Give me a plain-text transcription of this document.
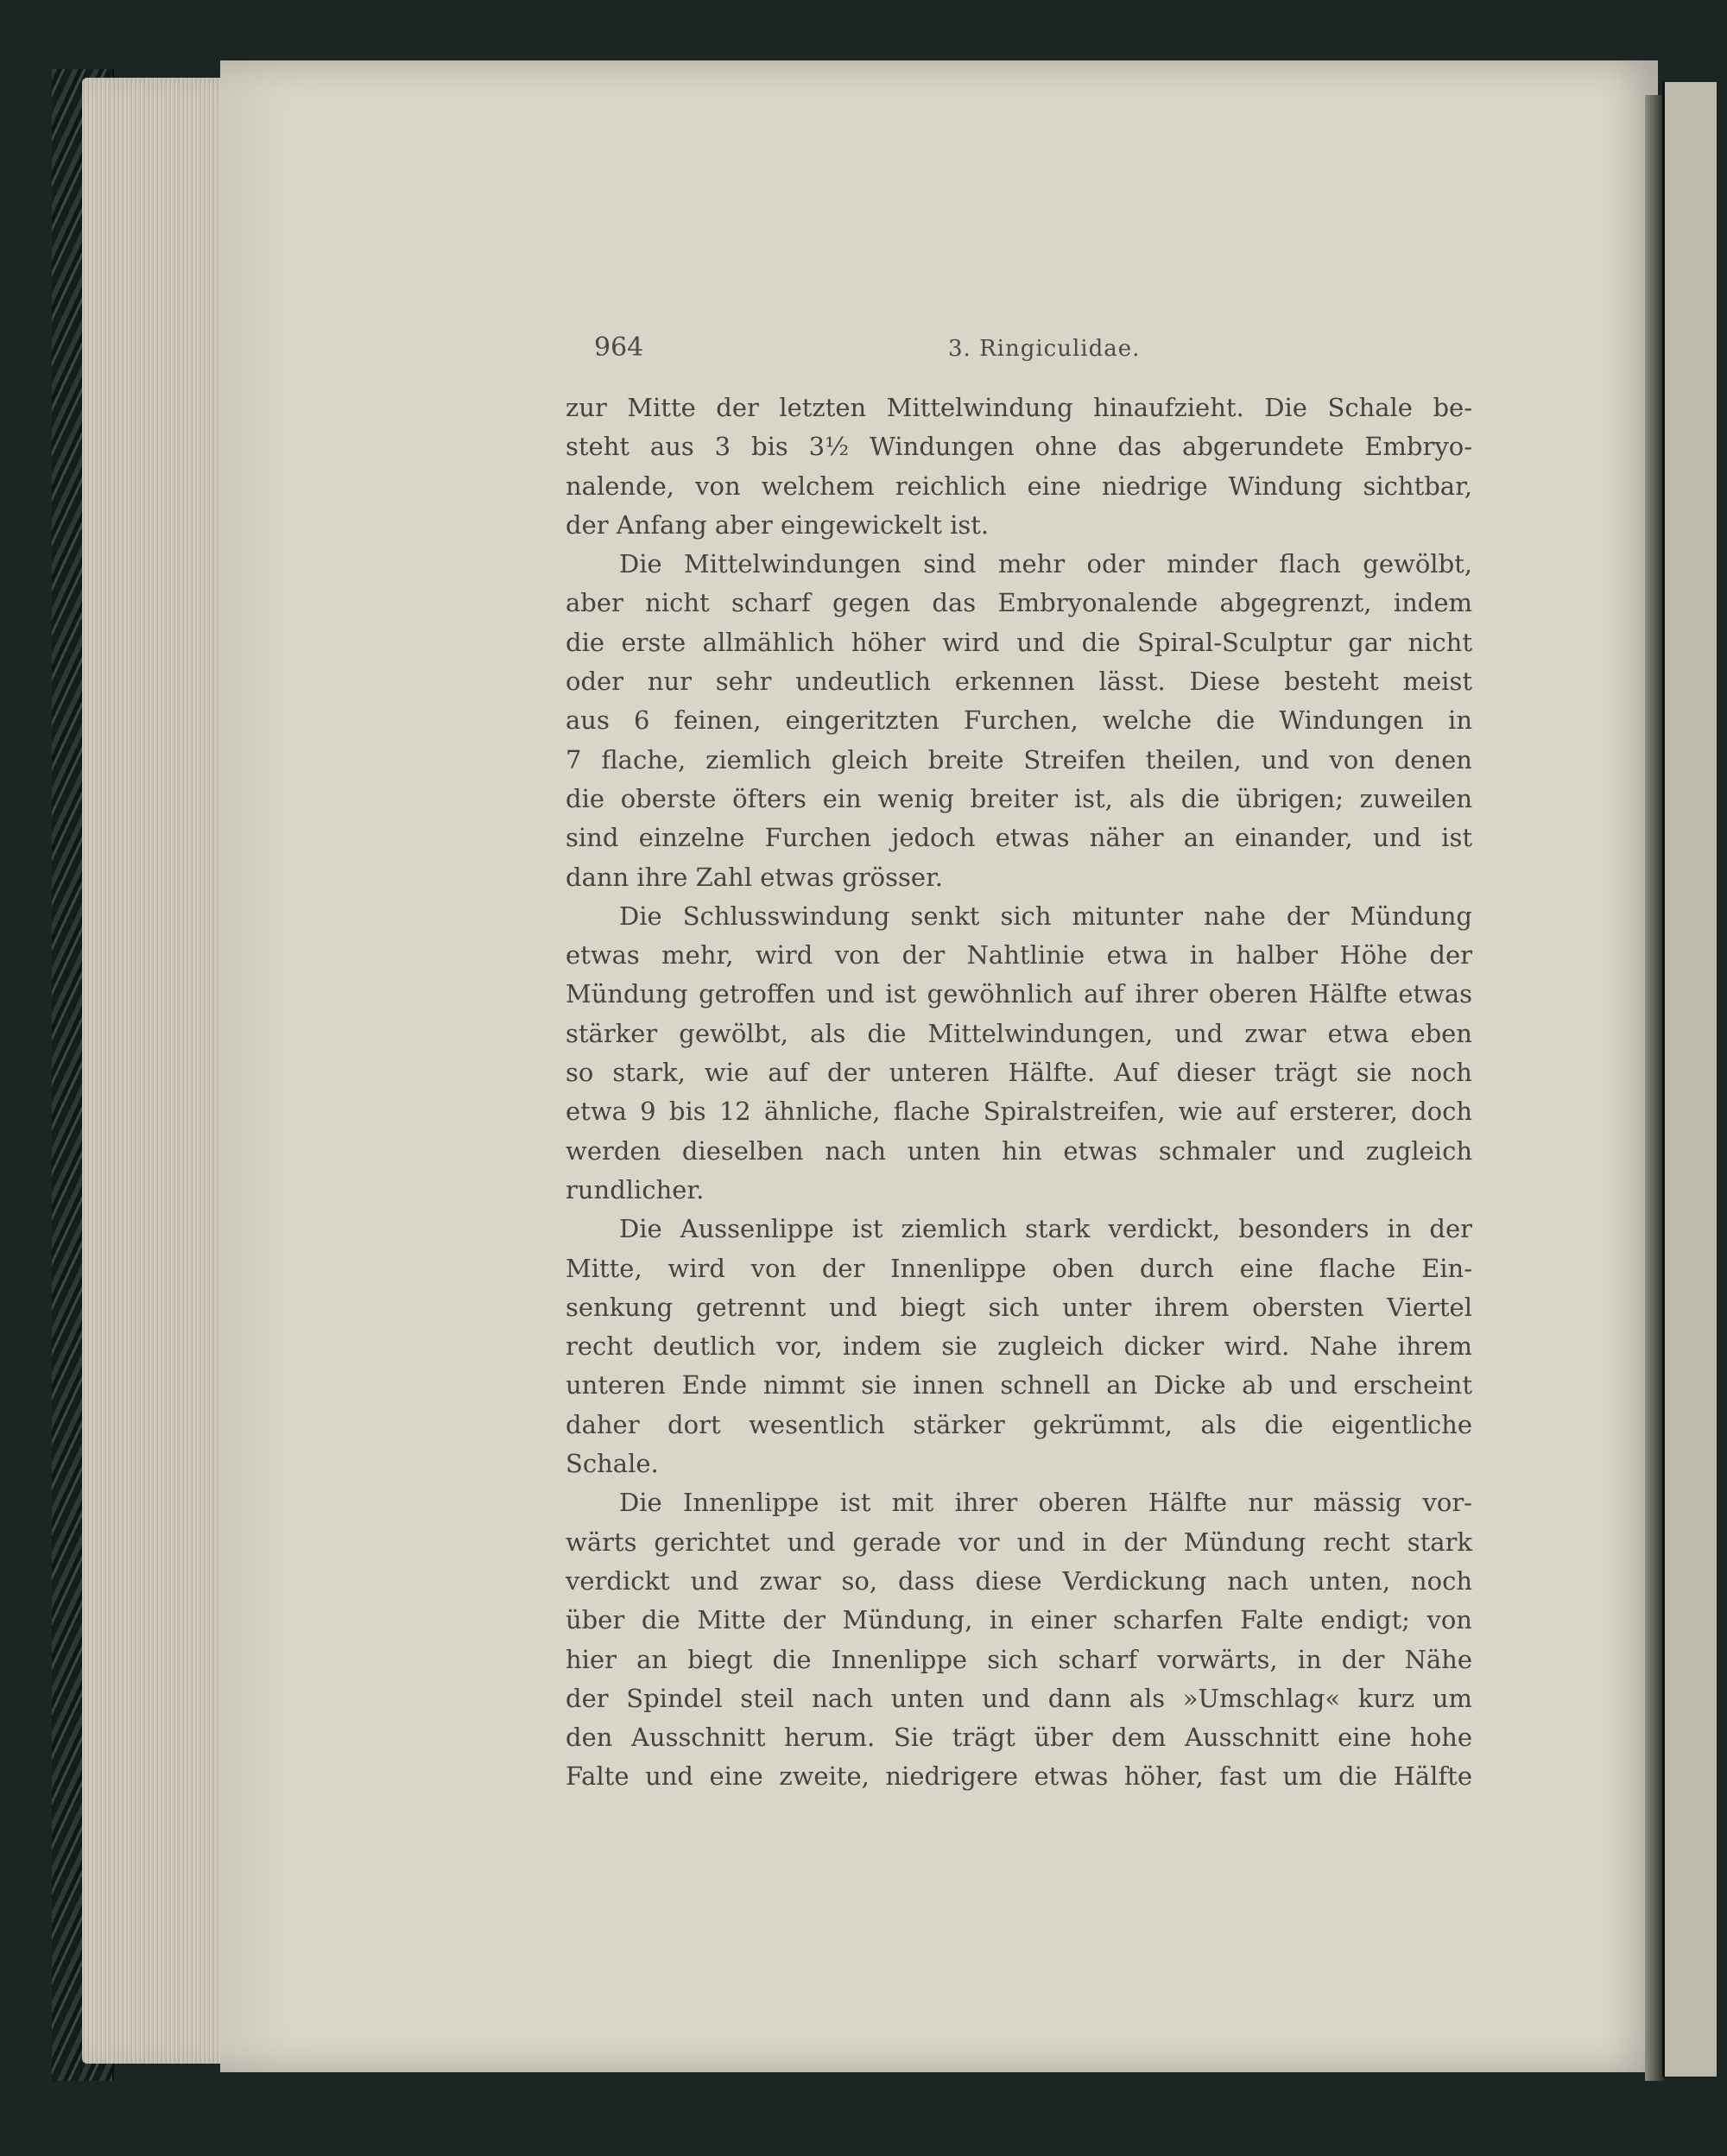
964	3. Ringiculidae.
zur Mitte der letzten Mittelwindung hinaufzieht. Die Schale be-
steht aus 3 bis 3½ Windungen ohne das abgerundete Embryo-
nalende, von welchem reichlich eine niedrige Windung sichtbar,
der Anfang aber eingewickelt ist.
Die Mittelwindungen sind mehr oder minder flach gewölbt,
aber nicht scharf gegen das Embryonalende abgegrenzt, indem
die erste allmählich höher wird und die Spiral-Sculptur gar nicht
oder nur sehr undeutlich erkennen lässt. Diese besteht meist
aus 6 feinen, eingeritzten Furchen, welche die Windungen in
7 flache, ziemlich gleich breite Streifen theilen, und von denen
die oberste öfters ein wenig breiter ist, als die übrigen; zuweilen
sind einzelne Furchen jedoch etwas näher an einander, und ist
dann ihre Zahl etwas grösser.
Die Schlusswindung senkt sich mitunter nahe der Mündung
etwas mehr, wird von der Nahtlinie etwa in halber Höhe der
Mündung getroffen und ist gewöhnlich auf ihrer oberen Hälfte etwas
stärker gewölbt, als die Mittelwindungen, und zwar etwa eben
so stark, wie auf der unteren Hälfte. Auf dieser trägt sie noch
etwa 9 bis 12 ähnliche, flache Spiralstreifen, wie auf ersterer, doch
werden dieselben nach unten hin etwas schmaler und zugleich
rundlicher.
Die Aussenlippe ist ziemlich stark verdickt, besonders in der
Mitte, wird von der Innenlippe oben durch eine flache Ein-
senkung getrennt und biegt sich unter ihrem obersten Viertel
recht deutlich vor, indem sie zugleich dicker wird. Nahe ihrem
unteren Ende nimmt sie innen schnell an Dicke ab und erscheint
daher dort wesentlich stärker gekrümmt, als die eigentliche
Schale.
Die Innenlippe ist mit ihrer oberen Hälfte nur mässig vor-
wärts gerichtet und gerade vor und in der Mündung recht stark
verdickt und zwar so, dass diese Verdickung nach unten, noch
über die Mitte der Mündung, in einer scharfen Falte endigt; von
hier an biegt die Innenlippe sich scharf vorwärts, in der Nähe
der Spindel steil nach unten und dann als »Umschlag« kurz um
den Ausschnitt herum. Sie trägt über dem Ausschnitt eine hohe
Falte und eine zweite, niedrigere etwas höher, fast um die Hälfte
